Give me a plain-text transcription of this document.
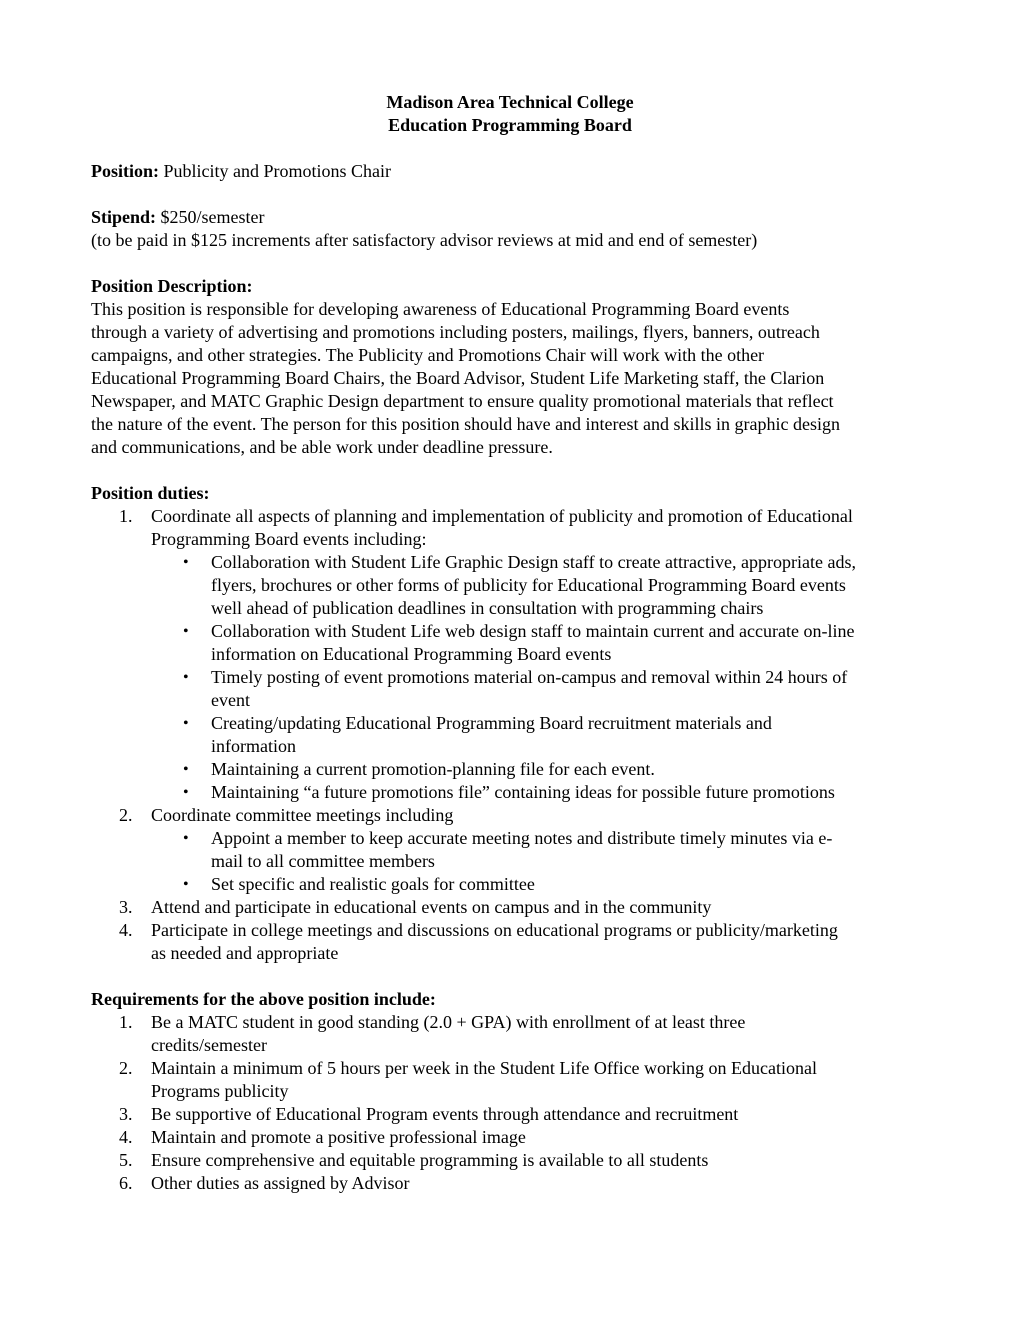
Madison Area Technical College
Education Programming Board
Position: Publicity and Promotions Chair
Stipend: $250/semester
(to be paid in $125 increments after satisfactory advisor reviews at mid and end of semester)
Position Description:
This position is responsible for developing awareness of Educational Programming Board events
through a variety of advertising and promotions including posters, mailings, flyers, banners, outreach
campaigns, and other strategies. The Publicity and Promotions Chair will work with the other
Educational Programming Board Chairs, the Board Advisor, Student Life Marketing staff, the Clarion
Newspaper, and MATC Graphic Design department to ensure quality promotional materials that reflect
the nature of the event. The person for this position should have and interest and skills in graphic design
and communications, and be able work under deadline pressure.
Position duties:
1. Coordinate all aspects of planning and implementation of publicity and promotion of Educational
Programming Board events including:
• Collaboration with Student Life Graphic Design staff to create attractive, appropriate ads,
flyers, brochures or other forms of publicity for Educational Programming Board events
well ahead of publication deadlines in consultation with programming chairs
• Collaboration with Student Life web design staff to maintain current and accurate on-line
information on Educational Programming Board events
• Timely posting of event promotions material on-campus and removal within 24 hours of
event
• Creating/updating Educational Programming Board recruitment materials and
information
• Maintaining a current promotion-planning file for each event.
• Maintaining “a future promotions file” containing ideas for possible future promotions
2. Coordinate committee meetings including
• Appoint a member to keep accurate meeting notes and distribute timely minutes via e-
mail to all committee members
• Set specific and realistic goals for committee
3. Attend and participate in educational events on campus and in the community
4. Participate in college meetings and discussions on educational programs or publicity/marketing
as needed and appropriate
Requirements for the above position include:
1. Be a MATC student in good standing (2.0 + GPA) with enrollment of at least three
credits/semester
2. Maintain a minimum of 5 hours per week in the Student Life Office working on Educational
Programs publicity
3. Be supportive of Educational Program events through attendance and recruitment
4. Maintain and promote a positive professional image
5. Ensure comprehensive and equitable programming is available to all students
6. Other duties as assigned by Advisor
